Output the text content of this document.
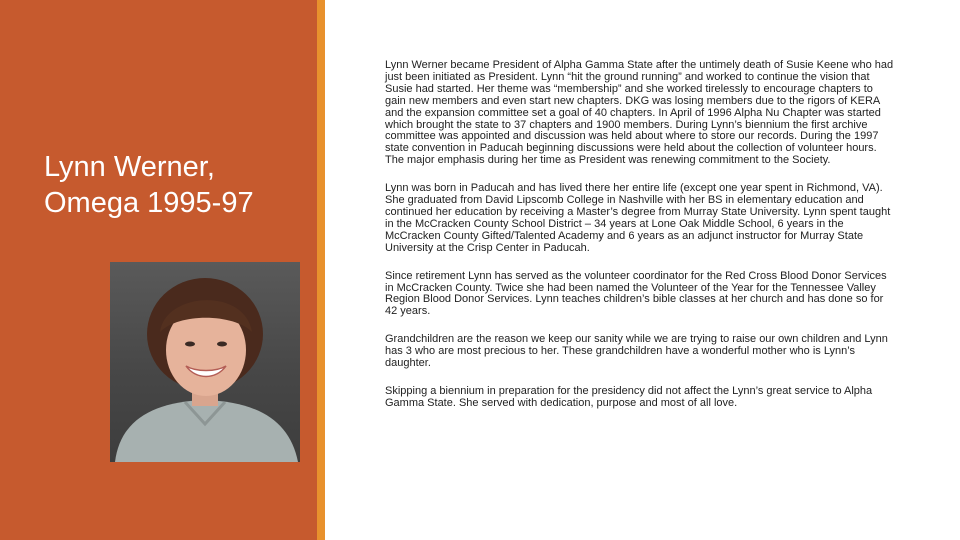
Lynn Werner,
Omega 1995-97

Lynn Werner became President of Alpha Gamma State after the untimely death of Susie Keene who had just been initiated as President. Lynn “hit the ground running” and worked to continue the vision that Susie had started. Her theme was “membership” and she worked tirelessly to encourage chapters to gain new members and even start new chapters. DKG was losing members due to the rigors of KERA and the expansion committee set a goal of 40 chapters. In April of 1996 Alpha Nu Chapter was started which brought the state to 37 chapters and 1900 members. During Lynn’s biennium the first archive committee was appointed and discussion was held about where to store our records. During the 1997 state convention in Paducah beginning discussions were held about the collection of volunteer hours. The major emphasis during her time as President was renewing commitment to the Society.

Lynn was born in Paducah and has lived there her entire life (except one year spent in Richmond, VA). She graduated from David Lipscomb College in Nashville with her BS in elementary education and continued her education by receiving a Master’s degree from Murray State University. Lynn spent taught in the McCracken County School District – 34 years at Lone Oak Middle School, 6 years in the McCracken County Gifted/Talented Academy and 6 years as an adjunct instructor for Murray State University at the Crisp Center in Paducah.

Since retirement Lynn has served as the volunteer coordinator for the Red Cross Blood Donor Services in McCracken County. Twice she had been named the Volunteer of the Year for the Tennessee Valley Region Blood Donor Services. Lynn teaches children’s bible classes at her church and has done so for 42 years.

Grandchildren are the reason we keep our sanity while we are trying to raise our own children and Lynn has 3 who are most precious to her. These grandchildren have a wonderful mother who is Lynn’s daughter.

Skipping a biennium in preparation for the presidency did not affect the Lynn’s great service to Alpha Gamma State. She served with dedication, purpose and most of all love.
